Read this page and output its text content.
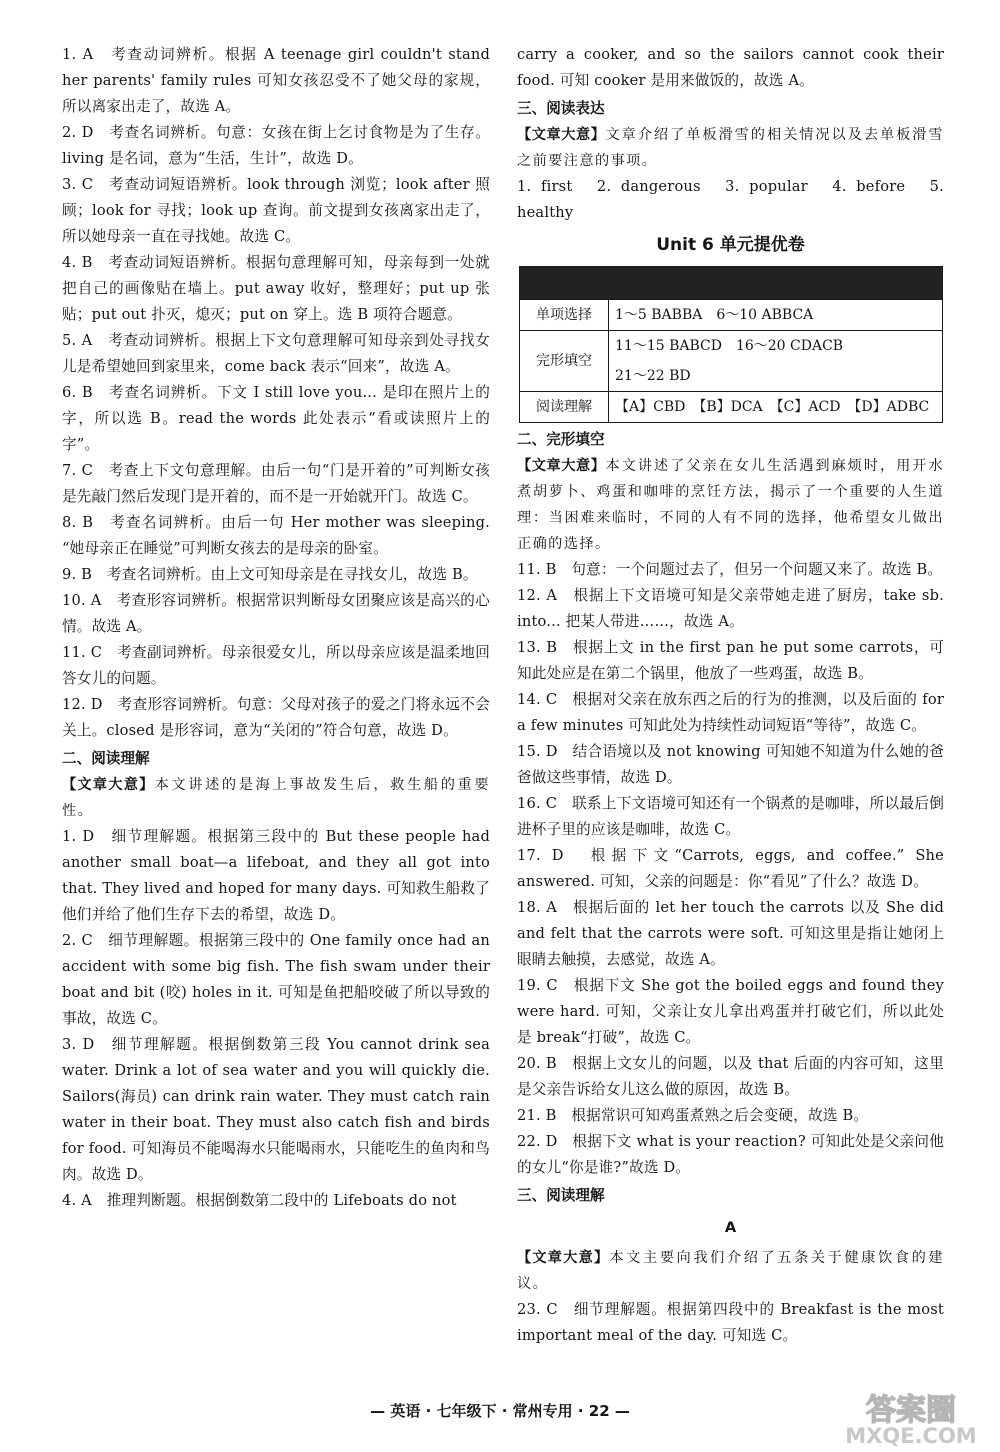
1. A　考查动词辨析。根据 A teenage girl couldn't stand her parents' family rules 可知女孩忍受不了她父母的家规，所以离家出走了，故选 A。

2. D　考查名词辨析。句意：女孩在街上乞讨食物是为了生存。living 是名词，意为“生活，生计”，故选 D。

3. C　考查动词短语辨析。look through 浏览；look after 照顾；look for 寻找；look up 查询。前文提到女孩离家出走了，所以她母亲一直在寻找她。故选 C。

4. B　考查动词短语辨析。根据句意理解可知，母亲每到一处就把自己的画像贴在墙上。put away 收好，整理好；put up 张贴；put out 扑灭，熄灭；put on 穿上。选 B 项符合题意。

5. A　考查动词辨析。根据上下文句意理解可知母亲到处寻找女儿是希望她回到家里来，come back 表示“回来”，故选 A。

6. B　考查名词辨析。下文 I still love you... 是印在照片上的字，所以选 B。read the words 此处表示“看或读照片上的字”。

7. C　考查上下文句意理解。由后一句“门是开着的”可判断女孩是先敲门然后发现门是开着的，而不是一开始就开门。故选 C。

8. B　考查名词辨析。由后一句 Her mother was sleeping. “她母亲正在睡觉”可判断女孩去的是母亲的卧室。

9. B　考查名词辨析。由上文可知母亲是在寻找女儿，故选 B。

10. A　考查形容词辨析。根据常识判断母女团聚应该是高兴的心情。故选 A。

11. C　考查副词辨析。母亲很爱女儿，所以母亲应该是温柔地回答女儿的问题。

12. D　考查形容词辨析。句意：父母对孩子的爱之门将永远不会关上。closed 是形容词，意为“关闭的”符合句意，故选 D。

二、阅读理解

【文章大意】本文讲述的是海上事故发生后，救生船的重要性。

1. D　细节理解题。根据第三段中的 But these people had another small boat—a lifeboat, and they all got into that. They lived and hoped for many days. 可知救生船救了他们并给了他们生存下去的希望，故选 D。

2. C　细节理解题。根据第三段中的 One family once had an accident with some big fish. The fish swam under their boat and bit (咬) holes in it. 可知是鱼把船咬破了所以导致的事故，故选 C。

3. D　细节理解题。根据倒数第三段 You cannot drink sea water. Drink a lot of sea water and you will quickly die. Sailors(海员) can drink rain water. They must catch rain water in their boat. They must also catch fish and birds for food. 可知海员不能喝海水只能喝雨水，只能吃生的鱼肉和鸟肉。故选 D。

4. A　推理判断题。根据倒数第二段中的 Lifeboats do not

carry a cooker, and so the sailors cannot cook their food. 可知 cooker 是用来做饭的，故选 A。

三、阅读表达

【文章大意】文章介绍了单板滑雪的相关情况以及去单板滑雪之前要注意的事项。

1. first　2. dangerous　3. popular　4. before　5. healthy

Unit 6 单元提优卷

单项选择	1～5 BABBA　6～10 ABBCA
完形填空	11～15 BABCD　16～20 CDACB
	21～22 BD
阅读理解	【A】CBD　【B】DCA　【C】ACD　【D】ADBC
二、完形填空

【文章大意】本文讲述了父亲在女儿生活遇到麻烦时，用开水煮胡萝卜、鸡蛋和咖啡的烹饪方法，揭示了一个重要的人生道理：当困难来临时，不同的人有不同的选择，他希望女儿做出正确的选择。

11. B　句意：一个问题过去了，但另一个问题又来了。故选 B。

12. A　根据上下文语境可知是父亲带她走进了厨房，take sb. into... 把某人带进……，故选 A。

13. B　根据上文 in the first pan he put some carrots，可知此处应是在第二个锅里，他放了一些鸡蛋，故选 B。

14. C　根据对父亲在放东西之后的行为的推测，以及后面的 for a few minutes 可知此处为持续性动词短语“等待”，故选 C。

15. D　结合语境以及 not knowing 可知她不知道为什么她的爸爸做这些事情，故选 D。

16. C　联系上下文语境可知还有一个锅煮的是咖啡，所以最后倒进杯子里的应该是咖啡，故选 C。

17. D　根据下文“Carrots, eggs, and coffee.” She answered. 可知，父亲的问题是：你“看见”了什么？故选 D。

18. A　根据后面的 let her touch the carrots 以及 She did and felt that the carrots were soft. 可知这里是指让她闭上眼睛去触摸，去感觉，故选 A。

19. C　根据下文 She got the boiled eggs and found they were hard. 可知，父亲让女儿拿出鸡蛋并打破它们，所以此处是 break“打破”，故选 C。

20. B　根据上文女儿的问题，以及 that 后面的内容可知，这里是父亲告诉给女儿这么做的原因，故选 B。

21. B　根据常识可知鸡蛋煮熟之后会变硬，故选 B。

22. D　根据下文 what is your reaction? 可知此处是父亲问他的女儿“你是谁?”故选 D。

三、阅读理解
A

【文章大意】本文主要向我们介绍了五条关于健康饮食的建议。

23. C　细节理解题。根据第四段中的 Breakfast is the most important meal of the day. 可知选 C。

— 英语 · 七年级下 · 常州专用 · 22 —	答案圈
MXQE.COM
